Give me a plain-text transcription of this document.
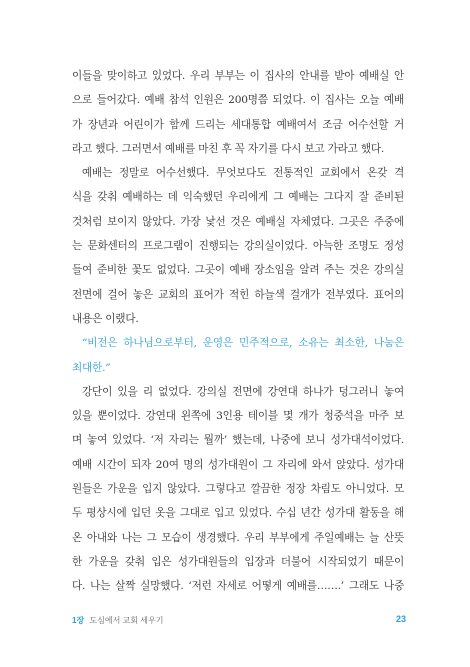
이들을 맞이하고 있었다. 우리 부부는 이 집사의 안내를 받아 예배실 안
으로 들어갔다. 예배 참석 인원은 200명쯤 되었다. 이 집사는 오늘 예배
가 장년과 어린이가 함께 드리는 세대통합 예배여서 조금 어수선할 거
라고 했다. 그러면서 예배를 마친 후 꼭 자기를 다시 보고 가라고 했다.
예배는 정말로 어수선했다. 무엇보다도 전통적인 교회에서 온갖 격
식을 갖춰 예배하는 데 익숙했던 우리에게 그 예배는 그다지 잘 준비된
것처럼 보이지 않았다. 가장 낯선 것은 예배실 자체였다. 그곳은 주중에
는 문화센터의 프로그램이 진행되는 강의실이었다. 아늑한 조명도 정성
들여 준비한 꽃도 없었다. 그곳이 예배 장소임을 알려 주는 것은 강의실
전면에 걸어 놓은 교회의 표어가 적힌 하늘색 걸개가 전부였다. 표어의
내용은 이랬다.
“비전은 하나님으로부터, 운영은 민주적으로, 소유는 최소한, 나눔은
최대한.”
강단이 있을 리 없었다. 강의실 전면에 강연대 하나가 덩그러니 놓여
있을 뿐이었다. 강연대 왼쪽에 3인용 테이블 몇 개가 청중석을 마주 보
며 놓여 있었다. ‘저 자리는 뭘까’ 했는데, 나중에 보니 성가대석이었다.
예배 시간이 되자 20여 명의 성가대원이 그 자리에 와서 앉았다. 성가대
원들은 가운을 입지 않았다. 그렇다고 깔끔한 정장 차림도 아니었다. 모
두 평상시에 입던 옷을 그대로 입고 있었다. 수십 년간 성가대 활동을 해
온 아내와 나는 그 모습이 생경했다. 우리 부부에게 주일예배는 늘 산뜻
한 가운을 갖춰 입은 성가대원들의 입장과 더불어 시작되었기 때문이
다. 나는 살짝 실망했다. ‘저런 자세로 어떻게 예배를…….’ 그래도 나중
1장 도심에서 교회 세우기	23
